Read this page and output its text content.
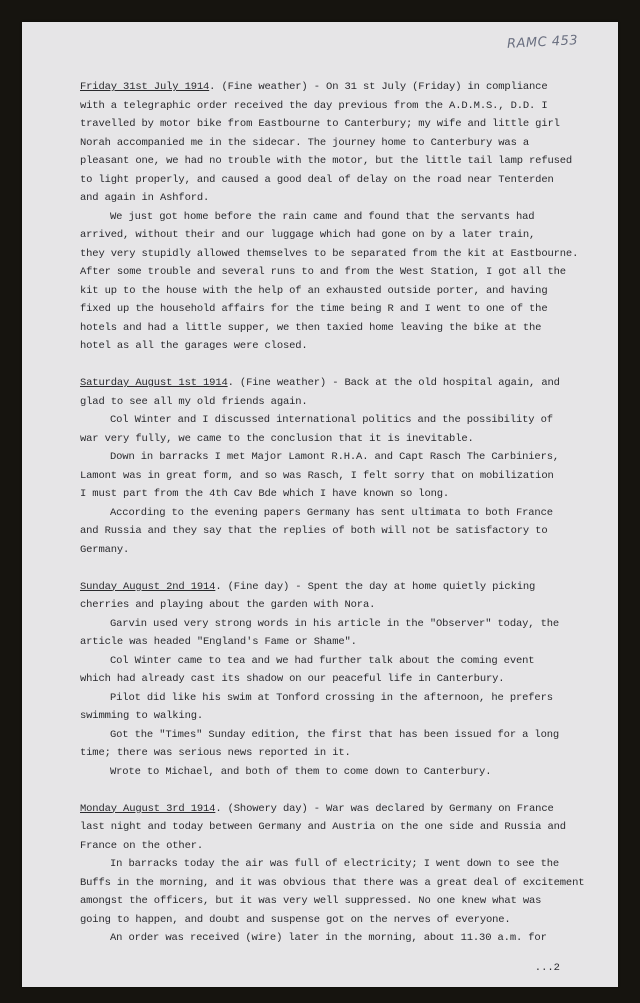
RAMC 453
Friday 31st July 1914. (Fine weather) - On 31 st July (Friday) in compliance
with a telegraphic order received the day previous from the A.D.M.S., D.D. I
travelled by motor bike from Eastbourne to Canterbury; my wife and little girl
Norah accompanied me in the sidecar. The journey home to Canterbury was a
pleasant one, we had no trouble with the motor, but the little tail lamp refused
to light properly, and caused a good deal of delay on the road near Tenterden
and again in Ashford.
We just got home before the rain came and found that the servants had
arrived, without their and our luggage which had gone on by a later train,
they very stupidly allowed themselves to be separated from the kit at Eastbourne.
After some trouble and several runs to and from the West Station, I got all the
kit up to the house with the help of an exhausted outside porter, and having
fixed up the household affairs for the time being R and I went to one of the
hotels and had a little supper, we then taxied home leaving the bike at the
hotel as all the garages were closed.
Saturday August 1st 1914. (Fine weather) - Back at the old hospital again, and
glad to see all my old friends again.
Col Winter and I discussed international politics and the possibility of
war very fully, we came to the conclusion that it is inevitable.
Down in barracks I met Major Lamont R.H.A. and Capt Rasch The Carbiniers,
Lamont was in great form, and so was Rasch, I felt sorry that on mobilization
I must part from the 4th Cav Bde which I have known so long.
According to the evening papers Germany has sent ultimata to both France
and Russia and they say that the replies of both will not be satisfactory to
Germany.
Sunday August 2nd 1914. (Fine day) - Spent the day at home quietly picking
cherries and playing about the garden with Nora.
Garvin used very strong words in his article in the "Observer" today, the
article was headed "England's Fame or Shame".
Col Winter came to tea and we had further talk about the coming event
which had already cast its shadow on our peaceful life in Canterbury.
Pilot did like his swim at Tonford crossing in the afternoon, he prefers
swimming to walking.
Got the "Times" Sunday edition, the first that has been issued for a long
time; there was serious news reported in it.
Wrote to Michael, and both of them to come down to Canterbury.
Monday August 3rd 1914. (Showery day) - War was declared by Germany on France
last night and today between Germany and Austria on the one side and Russia and
France on the other.
In barracks today the air was full of electricity; I went down to see the
Buffs in the morning, and it was obvious that there was a great deal of excitement
amongst the officers, but it was very well suppressed. No one knew what was
going to happen, and doubt and suspense got on the nerves of everyone.
An order was received (wire) later in the morning, about 11.30 a.m. for
...2
